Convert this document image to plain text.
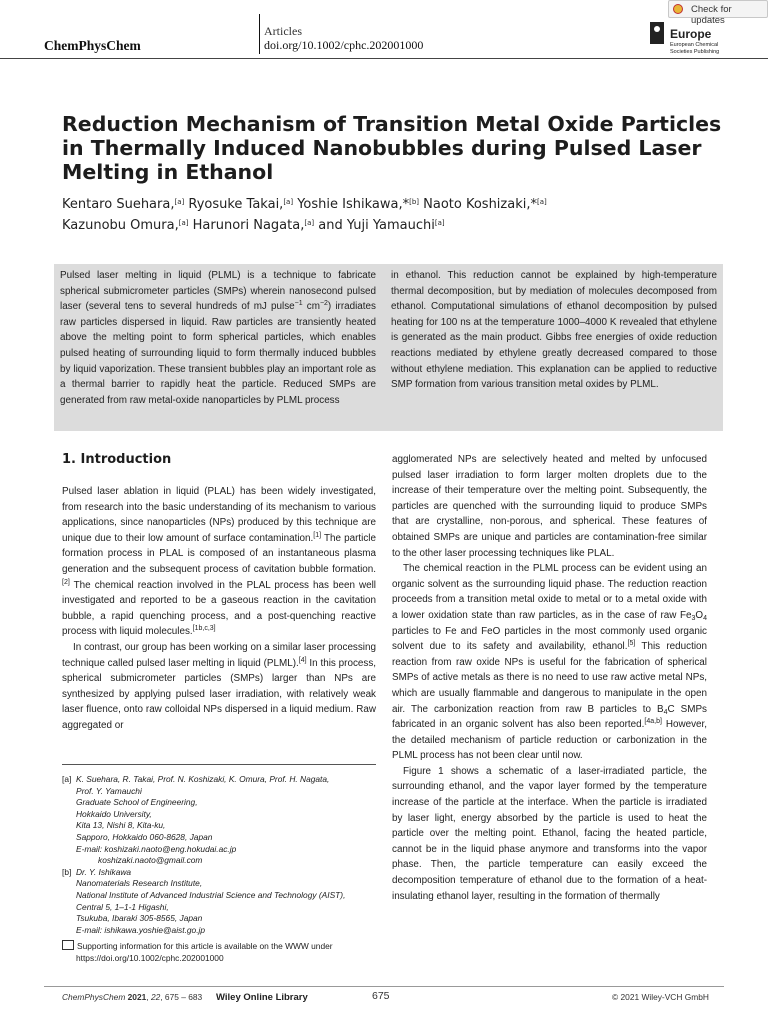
ChemPhysChem
Articles
doi.org/10.1002/cphc.202001000
Europe
European Chemical
Societies Publishing
Check for updates
Reduction Mechanism of Transition Metal Oxide Particles in Thermally Induced Nanobubbles during Pulsed Laser Melting in Ethanol
Kentaro Suehara,[a] Ryosuke Takai,[a] Yoshie Ishikawa,*[b] Naoto Koshizaki,*[a]
Kazunobu Omura,[a] Harunori Nagata,[a] and Yuji Yamauchi[a]
Pulsed laser melting in liquid (PLML) is a technique to fabricate spherical submicrometer particles (SMPs) wherein nanosecond pulsed laser (several tens to several hundreds of mJ pulse$^{-1}$ $cm^{-2}$) irradiates raw particles dispersed in liquid. Raw particles are transiently heated above the melting point to form spherical particles, which enables pulsed heating of surrounding liquid to form thermally induced bubbles by liquid vaporization. These transient bubbles play an important role as a thermal barrier to rapidly heat the particle. Reduced SMPs are generated from raw metal-oxide nanoparticles by PLML process
in ethanol. This reduction cannot be explained by high-temperature thermal decomposition, but by mediation of molecules decomposed from ethanol. Computational simulations of ethanol decomposition by pulsed heating for 100 ns at the temperature 1000–4000 K revealed that ethylene is generated as the main product. Gibbs free energies of oxide reduction reactions mediated by ethylene greatly decreased compared to those without ethylene mediation. This explanation can be applied to reductive SMP formation from various transition metal oxides by PLML.
1. Introduction

Pulsed laser ablation in liquid (PLAL) has been widely investigated, from research into the basic understanding of its mechanism to various applications, since nanoparticles (NPs) produced by this technique are unique due to their low amount of surface contamination.[1] The particle formation process in PLAL is composed of an instantaneous plasma generation and the subsequent process of cavitation bubble formation.[2] The chemical reaction involved in the PLAL process has been well investigated and reported to be a gaseous reaction in the cavitation bubble, a rapid quenching process, and a post-quenching reactive process with liquid molecules.[1b,c,3]

In contrast, our group has been working on a similar laser processing technique called pulsed laser melting in liquid (PLML).[4] In this process, spherical submicrometer particles (SMPs) larger than NPs are synthesized by applying pulsed laser irradiation, with relatively weak laser fluence, onto raw colloidal NPs dispersed in a liquid medium. Raw aggregated or

agglomerated NPs are selectively heated and melted by unfocused pulsed laser irradiation to form larger molten droplets due to the increase of their temperature over the melting point. Subsequently, the particles are quenched with the surrounding liquid to produce SMPs that are crystalline, non-porous, and spherical. These features of obtained SMPs are unique and particles are contamination-free similar to the other laser processing techniques like PLAL.

The chemical reaction in the PLML process can be evident using an organic solvent as the surrounding liquid phase. The reduction reaction proceeds from a transition metal oxide to metal or to a metal oxide with a lower oxidation state than raw particles, as in the case of raw $Fe_3O_4$ particles to Fe and FeO particles in the most commonly used organic solvent due to its safety and availability, ethanol.[5] This reduction reaction from raw oxide NPs is useful for the fabrication of spherical SMPs of active metals as there is no need to use raw active metal NPs, which are usually flammable and dangerous to manipulate in the open air. The carbonization reaction from raw B particles to $B_4C$ SMPs fabricated in an organic solvent has also been reported.[4a,b] However, the detailed mechanism of particle reduction or carbonization in the PLML process has not been clear until now.

Figure 1 shows a schematic of a laser-irradiated particle, the surrounding ethanol, and the vapor layer formed by the temperature increase of the particle at the interface. When the particle is irradiated by laser light, energy absorbed by the particle is used to heat the particle over the melting point. Ethanol, facing the heated particle, cannot be in the liquid phase anymore and transforms into the vapor phase. Then, the particle temperature can easily exceed the decomposition temperature of ethanol due to the formation of a heat-insulating ethanol layer, resulting in the formation of thermally

[a] K. Suehara, R. Takai, Prof. N. Koshizaki, K. Omura, Prof. H. Nagata,
Prof. Y. Yamauchi
Graduate School of Engineering,
Hokkaido University,
Kita 13, Nishi 8, Kita-ku,
Sapporo, Hokkaido 060-8628, Japan
E-mail: koshizaki.naoto@eng.hokudai.ac.jp
koshizaki.naoto@gmail.com
[b] Dr. Y. Ishikawa
Nanomaterials Research Institute,
National Institute of Advanced Industrial Science and Technology (AIST),
Central 5, 1–1-1 Higashi,
Tsukuba, Ibaraki 305-8565, Japan
E-mail: ishikawa.yoshie@aist.go.jp
Supporting information for this article is available on the WWW under
https://doi.org/10.1002/cphc.202001000
ChemPhysChem 2021, 22, 675 – 683 Wiley Online Library	675	© 2021 Wiley-VCH GmbH
